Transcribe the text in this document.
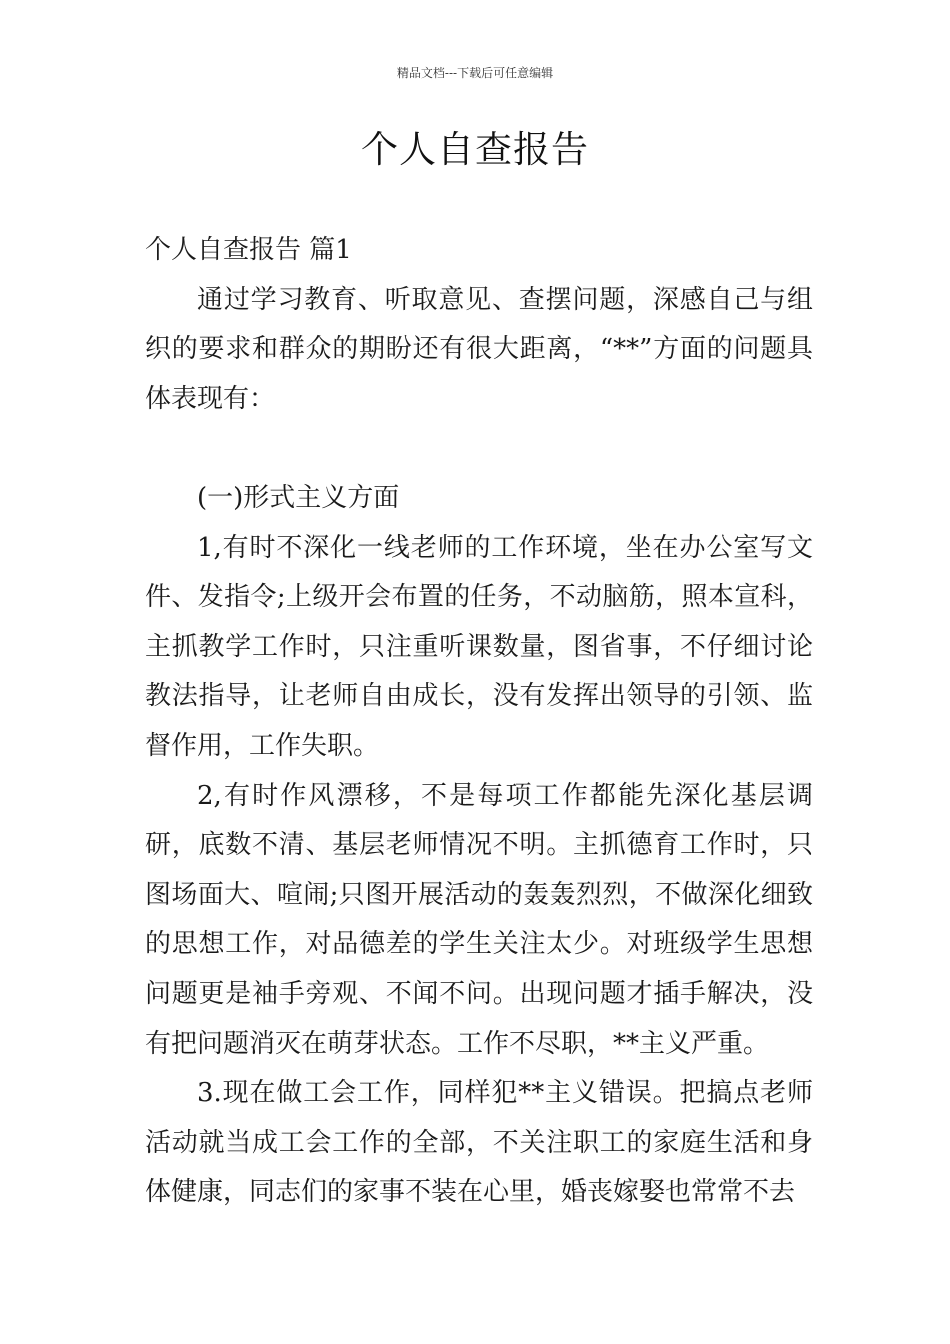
精品文档---下载后可任意编辑
个人自查报告

个人自查报告 篇1

通过学习教育、听取意见、查摆问题，深感自己与组织的要求和群众的期盼还有很大距离，“**”方面的问题具体表现有：

(一)形式主义方面

1,有时不深化一线老师的工作环境，坐在办公室写文件、发指令;上级开会布置的任务，不动脑筋，照本宣科，主抓教学工作时，只注重听课数量，图省事，不仔细讨论教法指导，让老师自由成长，没有发挥出领导的引领、监督作用，工作失职。

2,有时作风漂移，不是每项工作都能先深化基层调研，底数不清、基层老师情况不明。主抓德育工作时，只图场面大、喧闹;只图开展活动的轰轰烈烈，不做深化细致的思想工作，对品德差的学生关注太少。对班级学生思想问题更是袖手旁观、不闻不问。出现问题才插手解决，没有把问题消灭在萌芽状态。工作不尽职，**主义严重。

3.现在做工会工作，同样犯**主义错误。把搞点老师活动就当成工会工作的全部，不关注职工的家庭生活和身体健康，同志们的家事不装在心里，婚丧嫁娶也常常不去
